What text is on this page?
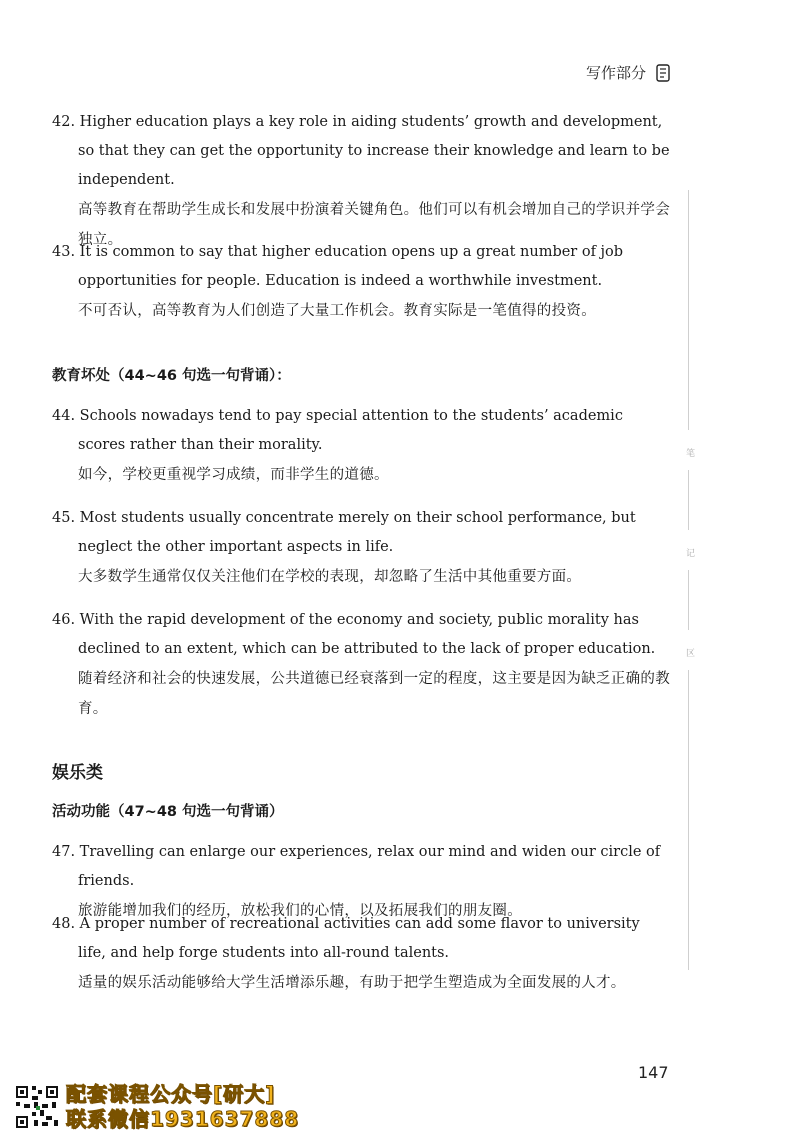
写作部分
42. Higher education plays a key role in aiding students’ growth and development, so that they can get the opportunity to increase their knowledge and learn to be independent.
高等教育在帮助学生成长和发展中扮演着关键角色。他们可以有机会增加自己的学识并学会独立。
43. It is common to say that higher education opens up a great number of job opportunities for people. Education is indeed a worthwhile investment.
不可否认，高等教育为人们创造了大量工作机会。教育实际是一笔值得的投资。
教育坏处（44~46 句选一句背诵）：
44. Schools nowadays tend to pay special attention to the students’ academic scores rather than their morality.
如今，学校更重视学习成绩，而非学生的道德。
45. Most students usually concentrate merely on their school performance, but neglect the other important aspects in life.
大多数学生通常仅仅关注他们在学校的表现，却忽略了生活中其他重要方面。
46. With the rapid development of the economy and society, public morality has declined to an extent, which can be attributed to the lack of proper education.
随着经济和社会的快速发展，公共道德已经衰落到一定的程度，这主要是因为缺乏正确的教育。
娱乐类
活动功能（47~48 句选一句背诵）
47. Travelling can enlarge our experiences, relax our mind and widen our circle of friends.
旅游能增加我们的经历，放松我们的心情，以及拓展我们的朋友圈。
48. A proper number of recreational activities can add some flavor to university life, and help forge students into all-round talents.
适量的娱乐活动能够给大学生活增添乐趣，有助于把学生塑造成为全面发展的人才。
笔
记
区
147
配套课程公众号[研大]
联系微信1931637888
